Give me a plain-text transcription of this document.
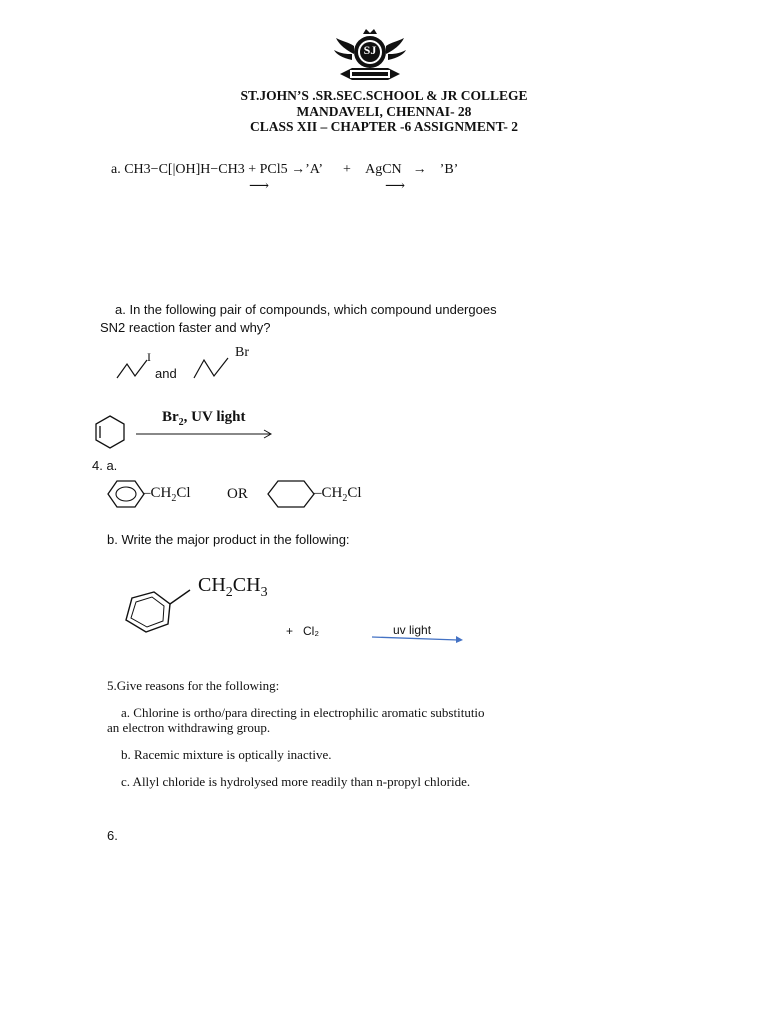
SJ
ST.JOHN’S .SR.SEC.SCHOOL & JR COLLEGE
MANDAVELI, CHENNAI- 28
CLASS XII – CHAPTER -6 ASSIGNMENT- 2
a. CH3−C[|OH]H−CH3 + PCl5 →’A’ + AgCN → ’B’
⟶	⟶
a. In the following pair of compounds, which compound undergoes
SN2 reaction faster and why?
I
and
Br
$Br_2$, UV light
4. a.
$-CH_2Cl$ OR	$-CH_2Cl$
b. Write the major product in the following:
$CH_2CH_3$
+   Cl₂	uv light
5.Give reasons for the following:
a. Chlorine is ortho/para directing in electrophilic aromatic substitutio
an electron withdrawing group.
b. Racemic mixture is optically inactive.
c. Allyl chloride is hydrolysed more readily than n-propyl chloride.
6.
